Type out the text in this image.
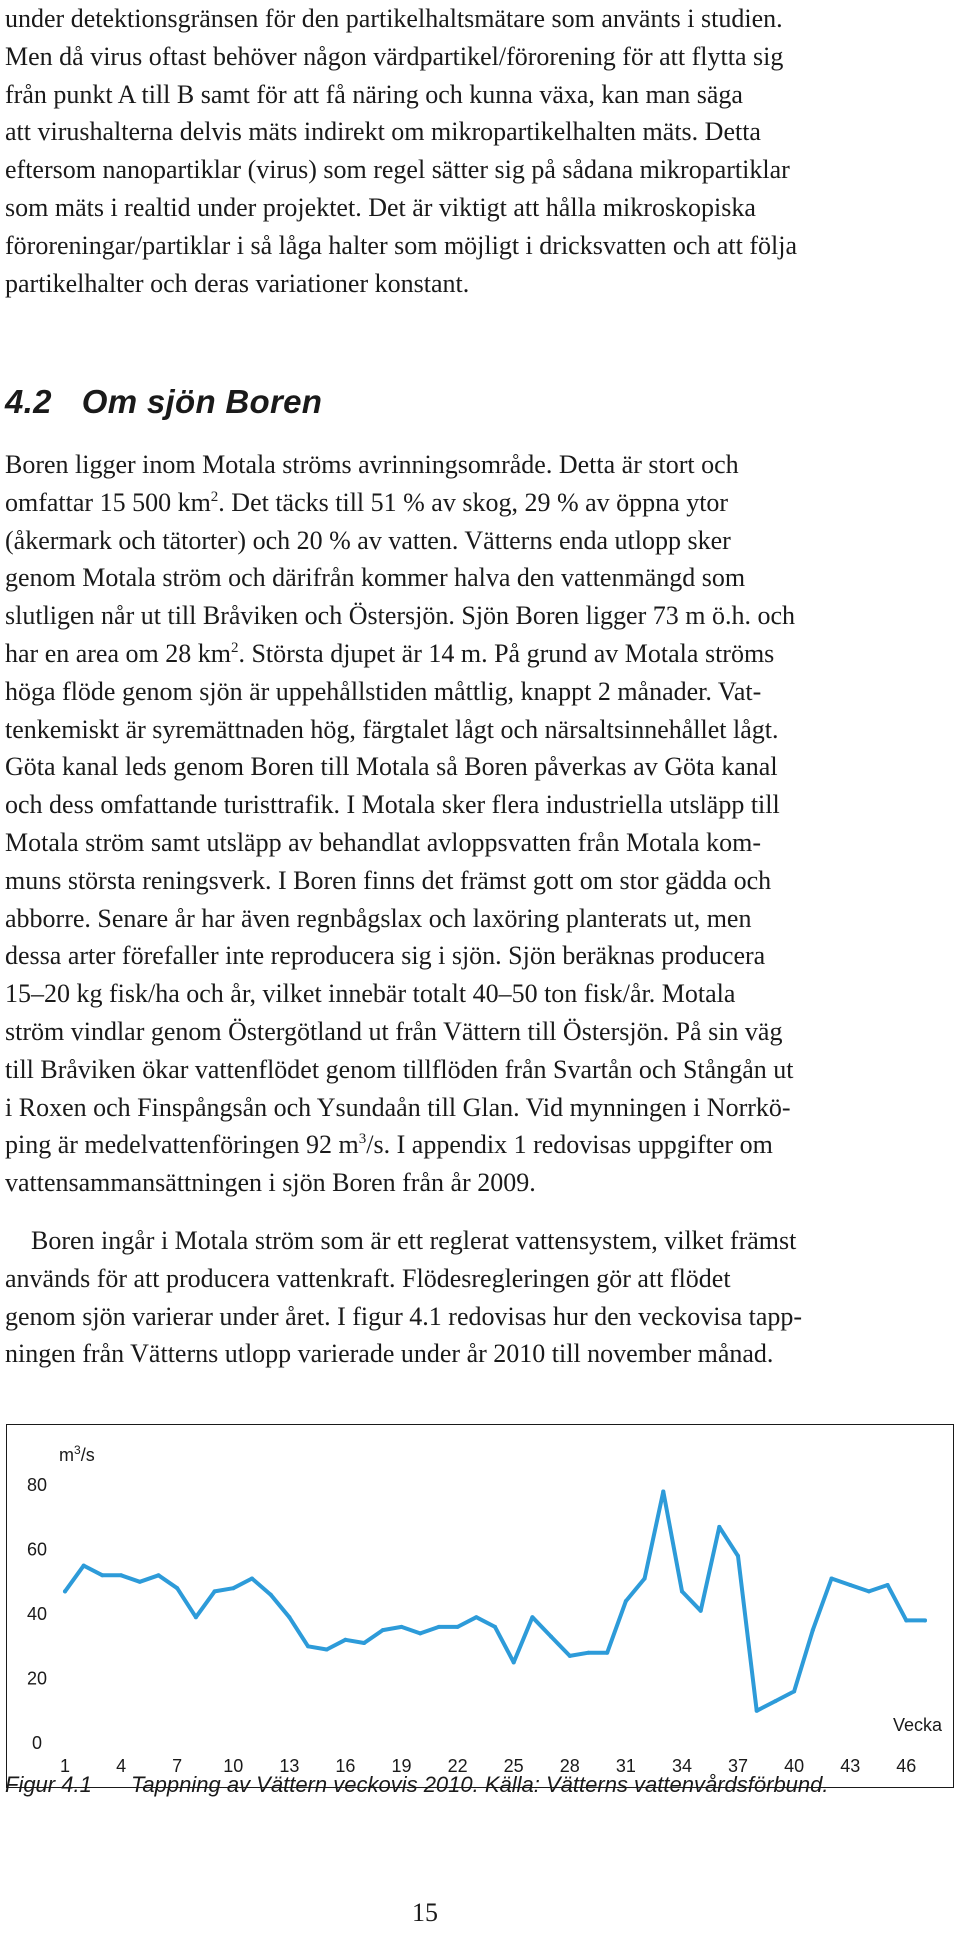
under detektionsgränsen för den partikelhaltsmätare som använts i studien.
Men då virus oftast behöver någon värdpartikel/förorening för att flytta sig
från punkt A till B samt för att få näring och kunna växa, kan man säga
att virushalterna delvis mäts indirekt om mikropartikelhalten mäts. Detta
eftersom nanopartiklar (virus) som regel sätter sig på sådana mikropartiklar
som mäts i realtid under projektet. Det är viktigt att hålla mikroskopiska
föroreningar/partiklar i så låga halter som möjligt i dricksvatten och att följa
partikelhalter och deras variationer konstant.
4.2 Om sjön Boren
Boren ligger inom Motala ströms avrinningsområde. Detta är stort och
omfattar 15 500 $km^2$. Det täcks till 51 % av skog, 29 % av öppna ytor
(åkermark och tätorter) och 20 % av vatten. Vätterns enda utlopp sker
genom Motala ström och därifrån kommer halva den vattenmängd som
slutligen når ut till Bråviken och Östersjön. Sjön Boren ligger 73 m ö.h. och
har en area om 28 $km^2$. Största djupet är 14 m. På grund av Motala ströms
höga flöde genom sjön är uppehållstiden måttlig, knappt 2 månader. Vat-
tenkemiskt är syremättnaden hög, färgtalet lågt och närsaltsinnehållet lågt.
Göta kanal leds genom Boren till Motala så Boren påverkas av Göta kanal
och dess omfattande turisttrafik. I Motala sker flera industriella utsläpp till
Motala ström samt utsläpp av behandlat avloppsvatten från Motala kom-
muns största reningsverk. I Boren finns det främst gott om stor gädda och
abborre. Senare år har även regnbågslax och laxöring planterats ut, men
dessa arter förefaller inte reproducera sig i sjön. Sjön beräknas producera
15–20 kg fisk/ha och år, vilket innebär totalt 40–50 ton fisk/år. Motala
ström vindlar genom Östergötland ut från Vättern till Östersjön. På sin väg
till Bråviken ökar vattenflödet genom tillflöden från Svartån och Stångån ut
i Roxen och Finspångsån och Ysundaån till Glan. Vid mynningen i Norrkö-
ping är medelvattenföringen 92 $m^3/s$. I appendix 1 redovisas uppgifter om
vattensammansättningen i sjön Boren från år 2009.
Boren ingår i Motala ström som är ett reglerat vattensystem, vilket främst
används för att producera vattenkraft. Flödesregleringen gör att flödet
genom sjön varierar under året. I figur 4.1 redovisas hur den veckovisa tapp-
ningen från Vätterns utlopp varierade under år 2010 till november månad.
0
20
40
60
80
1	4	7 10 13 16 19 22 25 28 31 34 37 40 43 46
$m^3/s$
Vecka
Figur 4.1 Tappning av Vättern veckovis 2010. Källa: Vätterns vattenvårdsförbund.
15
